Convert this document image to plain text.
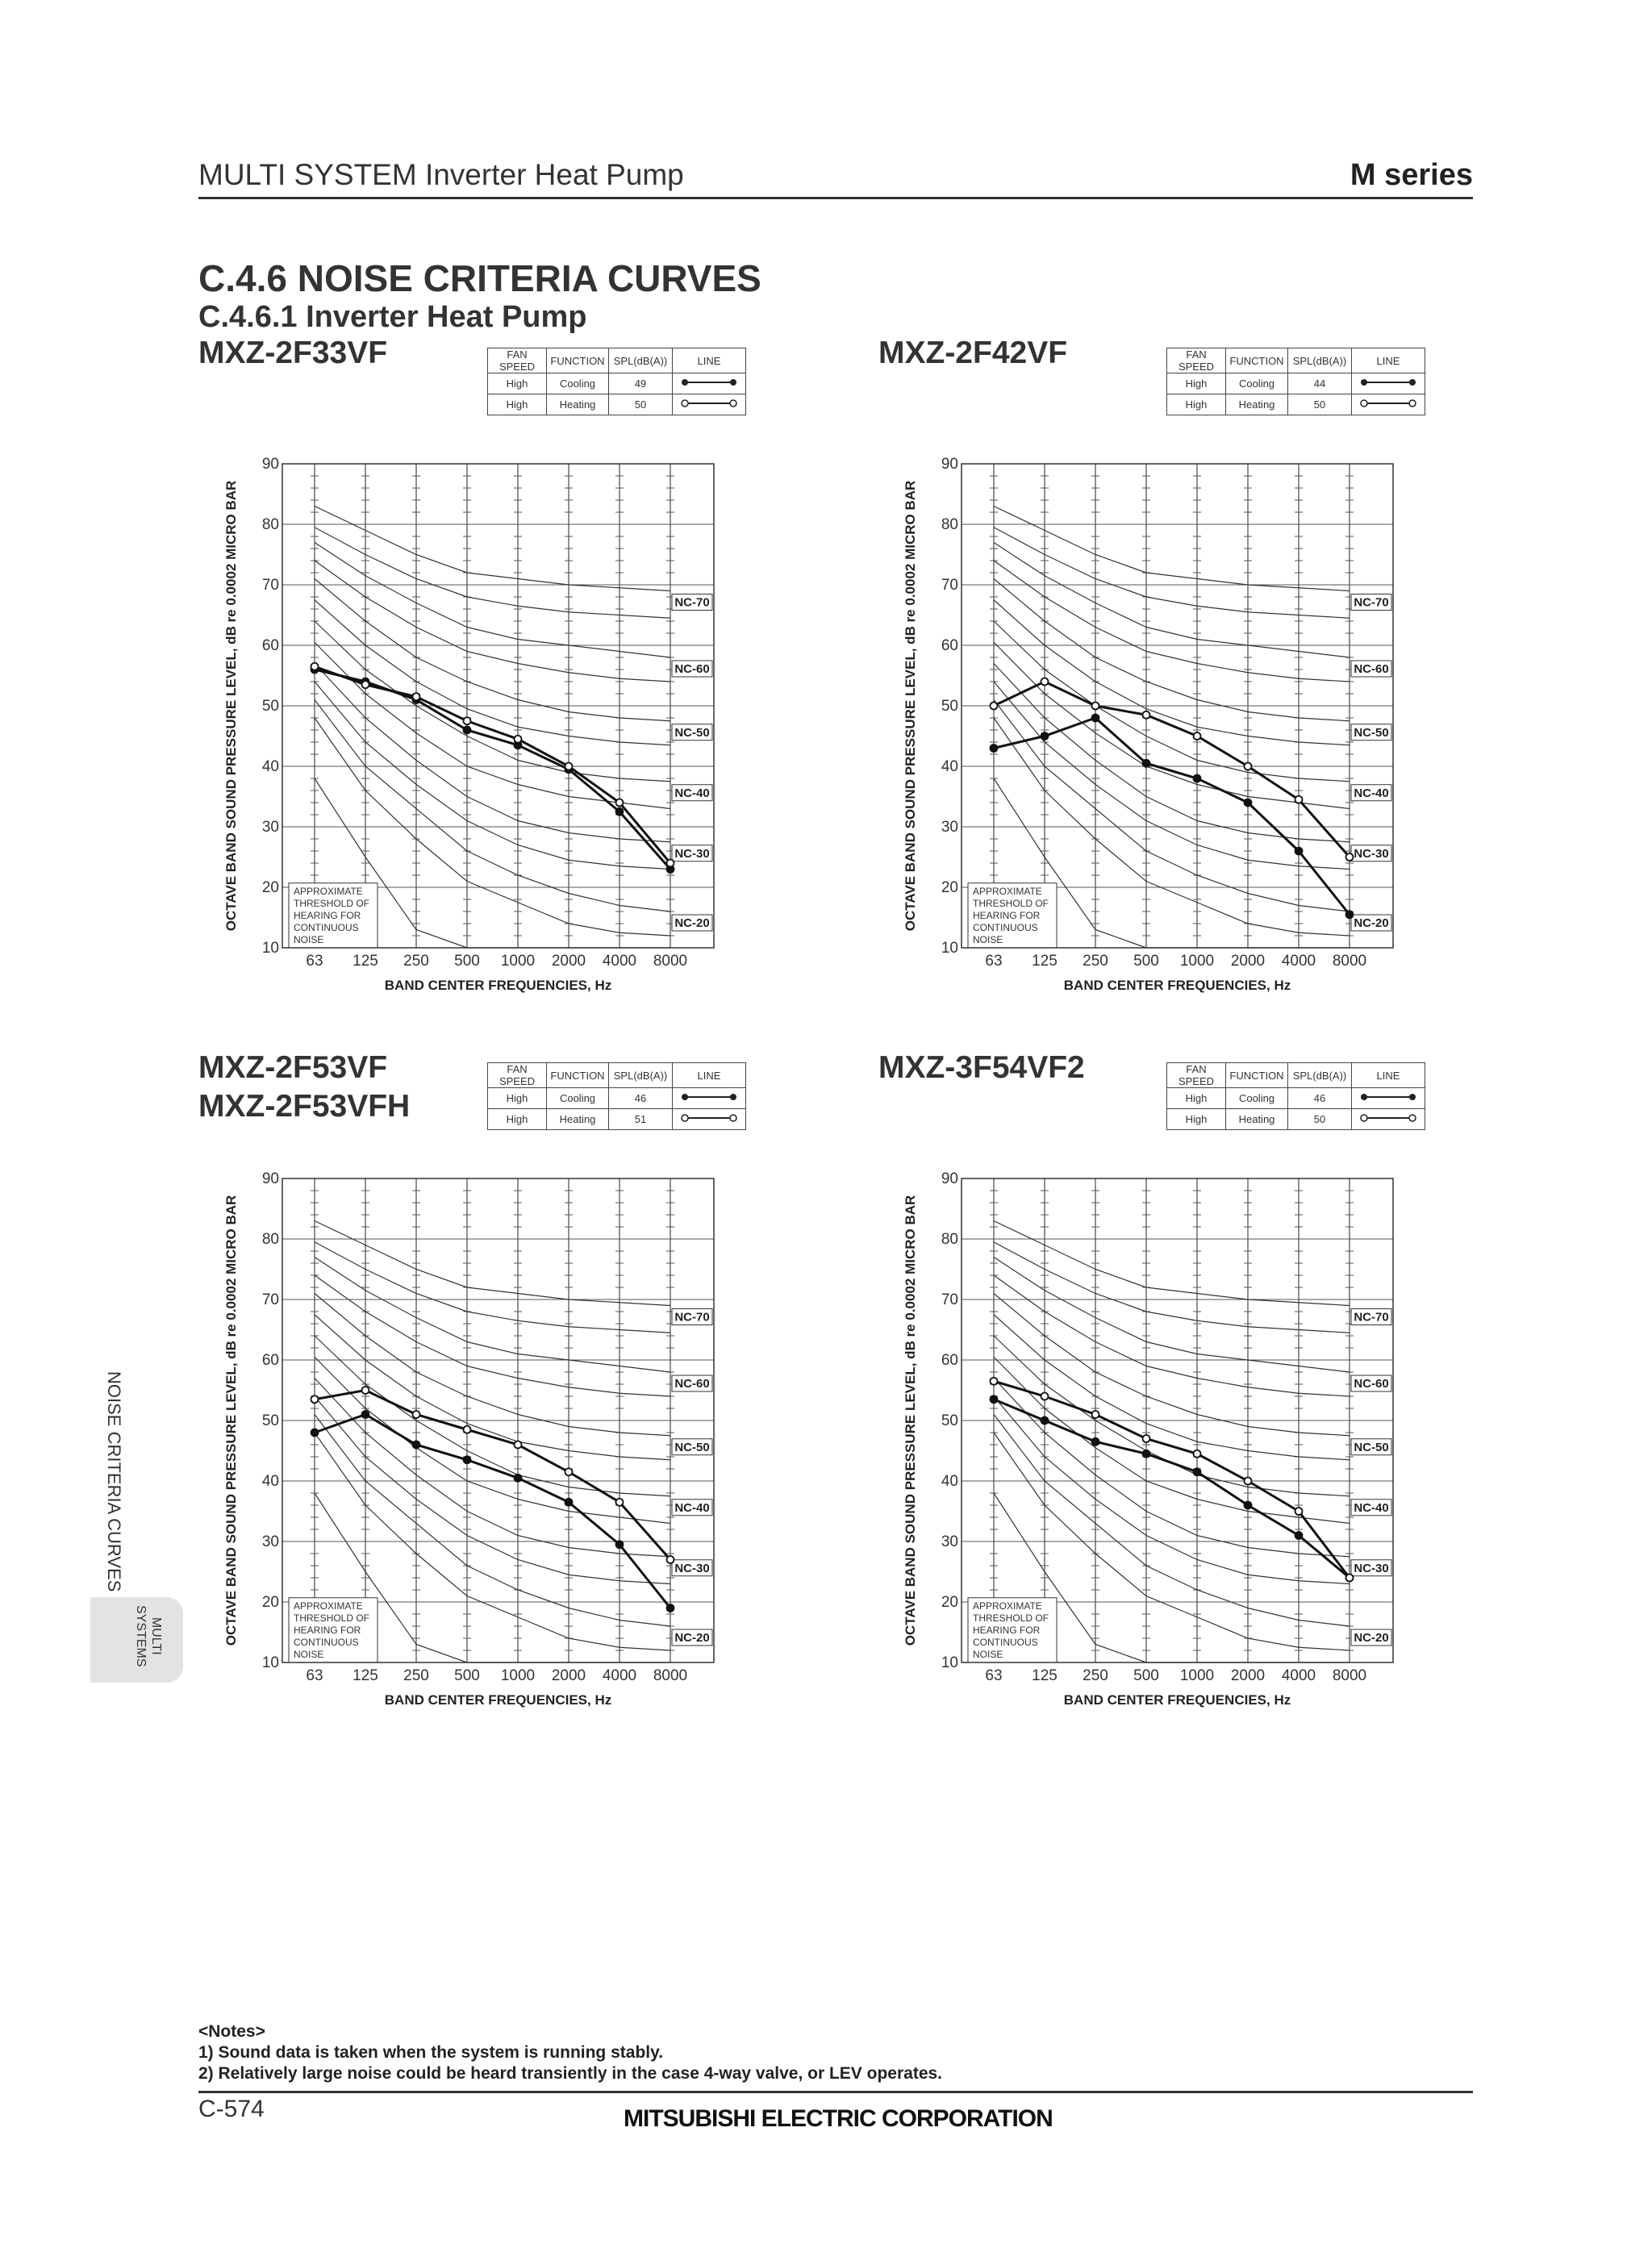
MULTI SYSTEM Inverter Heat Pump	M series
C.4.6 NOISE CRITERIA CURVES
C.4.6.1 Inverter Heat Pump
MXZ-2F33VF	MXZ-2F42VF
MXZ-2F53VF
MXZ-2F53VFH
MXZ-3F54VF2
FAN SPEED	FUNCTION	SPL(dB(A))	LINE
High	Cooling	49	
High	Heating	50	
FAN SPEED	FUNCTION	SPL(dB(A))	LINE
High	Cooling	44	
High	Heating	50	
FAN SPEED	FUNCTION	SPL(dB(A))	LINE
High	Cooling	46	
High	Heating	51	
FAN SPEED	FUNCTION	SPL(dB(A))	LINE
High	Cooling	46	
High	Heating	50	
OCTAVE BAND SOUND PRESSURE LEVEL, dB re 0.0002 MICRO BAR
BAND CENTER FREQUENCIES, Hz
10
20
30
40
50
60
70
80
90
63 125 250 500 1000 2000 4000 8000
NC-70
NC-60
NC-50
NC-40
NC-30
NC-20
APPROXIMATE
THRESHOLD OF
HEARING FOR
CONTINUOUS
NOISE
OCTAVE BAND SOUND PRESSURE LEVEL, dB re 0.0002 MICRO BAR
BAND CENTER FREQUENCIES, Hz
10
20
30
40
50
60
70
80
90
63 125 250 500 1000 2000 4000 8000
NC-70
NC-60
NC-50
NC-40
NC-30
NC-20
APPROXIMATE
THRESHOLD OF
HEARING FOR
CONTINUOUS
NOISE
OCTAVE BAND SOUND PRESSURE LEVEL, dB re 0.0002 MICRO BAR
BAND CENTER FREQUENCIES, Hz
10
20
30
40
50
60
70
80
90
63 125 250 500 1000 2000 4000 8000
NC-70
NC-60
NC-50
NC-40
NC-30
NC-20
APPROXIMATE
THRESHOLD OF
HEARING FOR
CONTINUOUS
NOISE
OCTAVE BAND SOUND PRESSURE LEVEL, dB re 0.0002 MICRO BAR
BAND CENTER FREQUENCIES, Hz
10
20
30
40
50
60
70
80
90
63 125 250 500 1000 2000 4000 8000
NC-70
NC-60
NC-50
NC-40
NC-30
NC-20
APPROXIMATE
THRESHOLD OF
HEARING FOR
CONTINUOUS
NOISE
NOISE CRITERIA CURVES
MULTI
SYSTEMS
<Notes>
1) Sound data is taken when the system is running stably.
2) Relatively large noise could be heard transiently in the case 4-way valve, or LEV operates.
C-574	MITSUBISHI ELECTRIC CORPORATION
